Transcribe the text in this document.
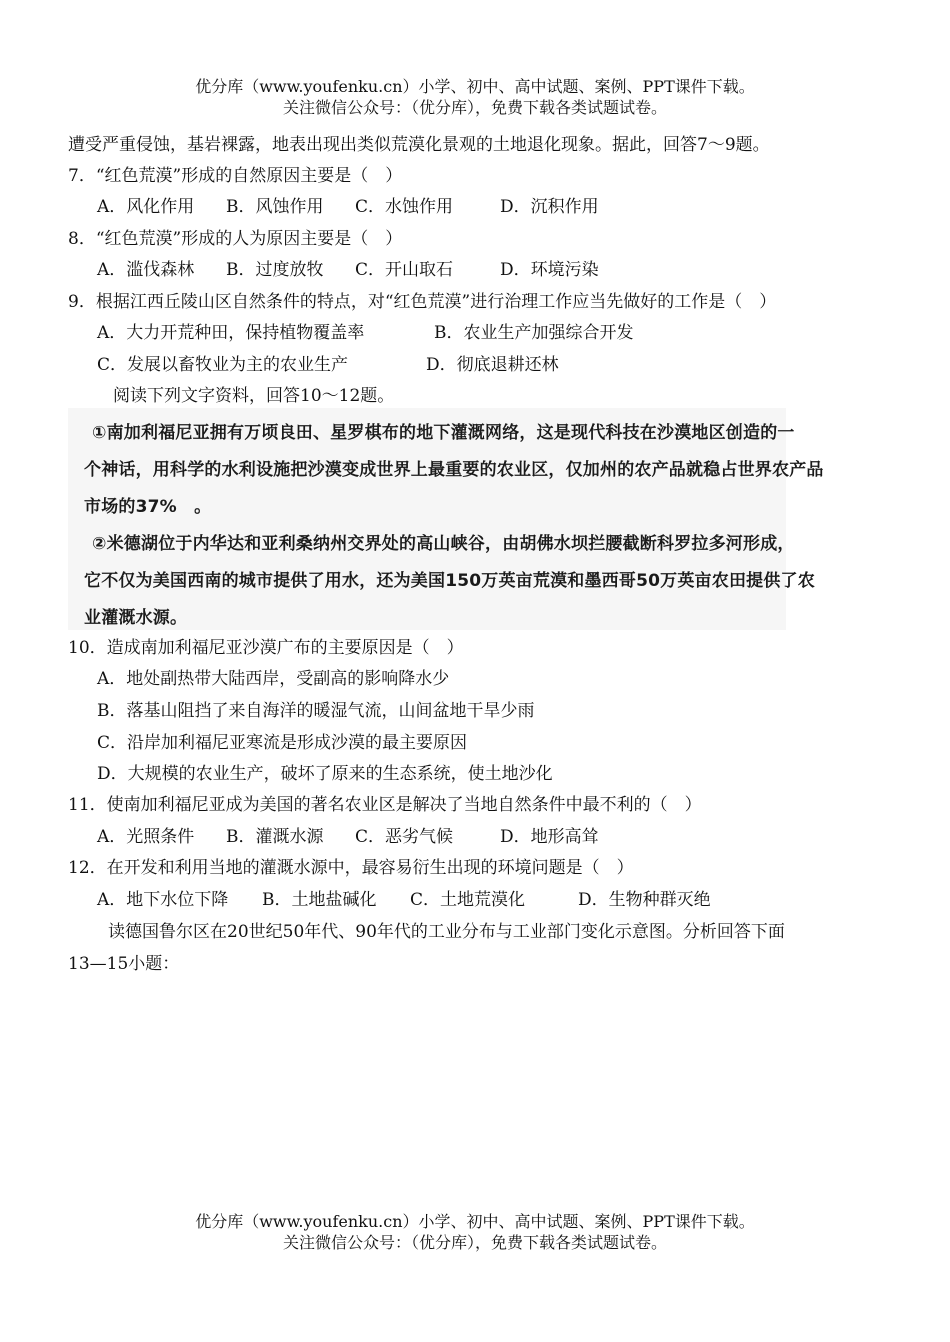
优分库（www.youfenku.cn）小学、初中、高中试题、案例、PPT课件下载。
关注微信公众号：（优分库），免费下载各类试题试卷。
遭受严重侵蚀，基岩裸露，地表出现出类似荒漠化景观的土地退化现象。据此，回答7～9题。
7．“红色荒漠”形成的自然原因主要是（　）
A．风化作用 B．风蚀作用 C．水蚀作用	D．沉积作用
8．“红色荒漠”形成的人为原因主要是（　）
A．滥伐森林 B．过度放牧 C．开山取石	D．环境污染
9．根据江西丘陵山区自然条件的特点，对“红色荒漠”进行治理工作应当先做好的工作是（　）
A．大力开荒种田，保持植物覆盖率	B．农业生产加强综合开发
C．发展以畜牧业为主的农业生产	D．彻底退耕还林
阅读下列文字资料，回答10～12题。
①南加利福尼亚拥有万顷良田、星罗棋布的地下灌溉网络，这是现代科技在沙漠地区创造的一
个神话，用科学的水利设施把沙漠变成世界上最重要的农业区，仅加州的农产品就稳占世界农产品
市场的37%　。
②米德湖位于内华达和亚利桑纳州交界处的高山峡谷，由胡佛水坝拦腰截断科罗拉多河形成，
它不仅为美国西南的城市提供了用水，还为美国150万英亩荒漠和墨西哥50万英亩农田提供了农
业灌溉水源。
10．造成南加利福尼亚沙漠广布的主要原因是（　）
A．地处副热带大陆西岸，受副高的影响降水少
B．落基山阻挡了来自海洋的暖湿气流，山间盆地干旱少雨
C．沿岸加利福尼亚寒流是形成沙漠的最主要原因
D．大规模的农业生产，破坏了原来的生态系统，使土地沙化
11．使南加利福尼亚成为美国的著名农业区是解决了当地自然条件中最不利的（　）
A．光照条件 B．灌溉水源 C．恶劣气候	D．地形高耸
12．在开发和利用当地的灌溉水源中，最容易衍生出现的环境问题是（　）
A．地下水位下降 B．土地盐碱化 C．土地荒漠化	D．生物种群灭绝
读德国鲁尔区在20世纪50年代、90年代的工业分布与工业部门变化示意图。分析回答下面
13—15小题：
优分库（www.youfenku.cn）小学、初中、高中试题、案例、PPT课件下载。
关注微信公众号：（优分库），免费下载各类试题试卷。
